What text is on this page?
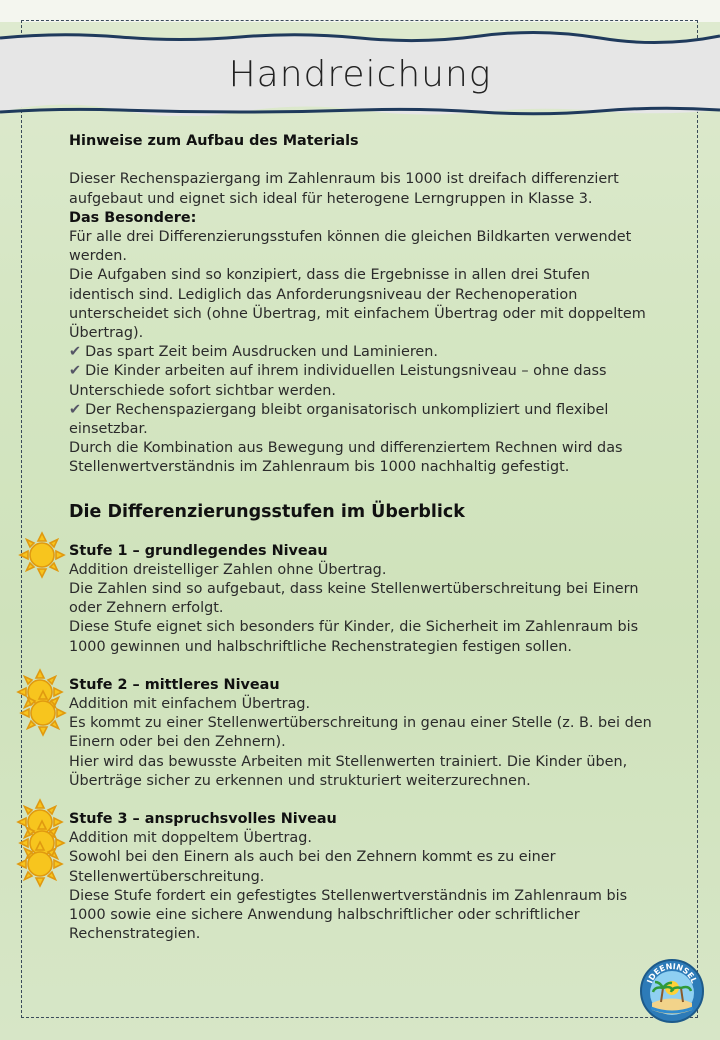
Handreichung

Hinweise zum Aufbau des Materials

Dieser Rechenspaziergang im Zahlenraum bis 1000 ist dreifach differenziert aufgebaut und eignet sich ideal für heterogene Lerngruppen in Klasse 3.

Das Besondere:

Für alle drei Differenzierungsstufen können die gleichen Bildkarten verwendet werden.

Die Aufgaben sind so konzipiert, dass die Ergebnisse in allen drei Stufen identisch sind. Lediglich das Anforderungsniveau der Rechenoperation unterscheidet sich (ohne Übertrag, mit einfachem Übertrag oder mit doppeltem Übertrag).

✔ Das spart Zeit beim Ausdrucken und Laminieren.

✔ Die Kinder arbeiten auf ihrem individuellen Leistungsniveau – ohne dass Unterschiede sofort sichtbar werden.

✔ Der Rechenspaziergang bleibt organisatorisch unkompliziert und flexibel einsetzbar.

Durch die Kombination aus Bewegung und differenziertem Rechnen wird das Stellenwertverständnis im Zahlenraum bis 1000 nachhaltig gefestigt.

Die Differenzierungsstufen im Überblick

Stufe 1 – grundlegendes Niveau

Addition dreistelliger Zahlen ohne Übertrag.

Die Zahlen sind so aufgebaut, dass keine Stellenwertüberschreitung bei Einern oder Zehnern erfolgt.

Diese Stufe eignet sich besonders für Kinder, die Sicherheit im Zahlenraum bis 1000 gewinnen und halbschriftliche Rechenstrategien festigen sollen.

Stufe 2 – mittleres Niveau

Addition mit einfachem Übertrag.

Es kommt zu einer Stellenwertüberschreitung in genau einer Stelle (z. B. bei den Einern oder bei den Zehnern).

Hier wird das bewusste Arbeiten mit Stellenwerten trainiert. Die Kinder üben, Überträge sicher zu erkennen und strukturiert weiterzurechnen.

Stufe 3 – anspruchsvolles Niveau

Addition mit doppeltem Übertrag.

Sowohl bei den Einern als auch bei den Zehnern kommt es zu einer Stellenwertüberschreitung.

Diese Stufe fordert ein gefestigtes Stellenwertverständnis im Zahlenraum bis 1000 sowie eine sichere Anwendung halbschriftlicher oder schriftlicher Rechenstrategien.

IDEENINSEL
